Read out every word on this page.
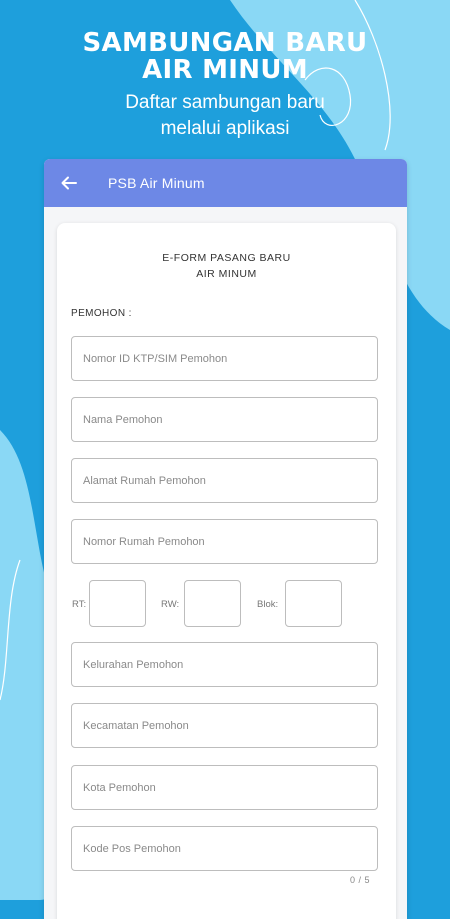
SAMBUNGAN BARU
AIR MINUM
Daftar sambungan baru
melalui aplikasi
PSB Air Minum
E-FORM PASANG BARU
AIR MINUM
PEMOHON :
Nomor ID KTP/SIM Pemohon
Nama Pemohon
Alamat Rumah Pemohon
Nomor Rumah Pemohon
RT:	RW:	Blok:
Kelurahan Pemohon
Kecamatan Pemohon
Kota Pemohon
Kode Pos Pemohon
0 / 5
